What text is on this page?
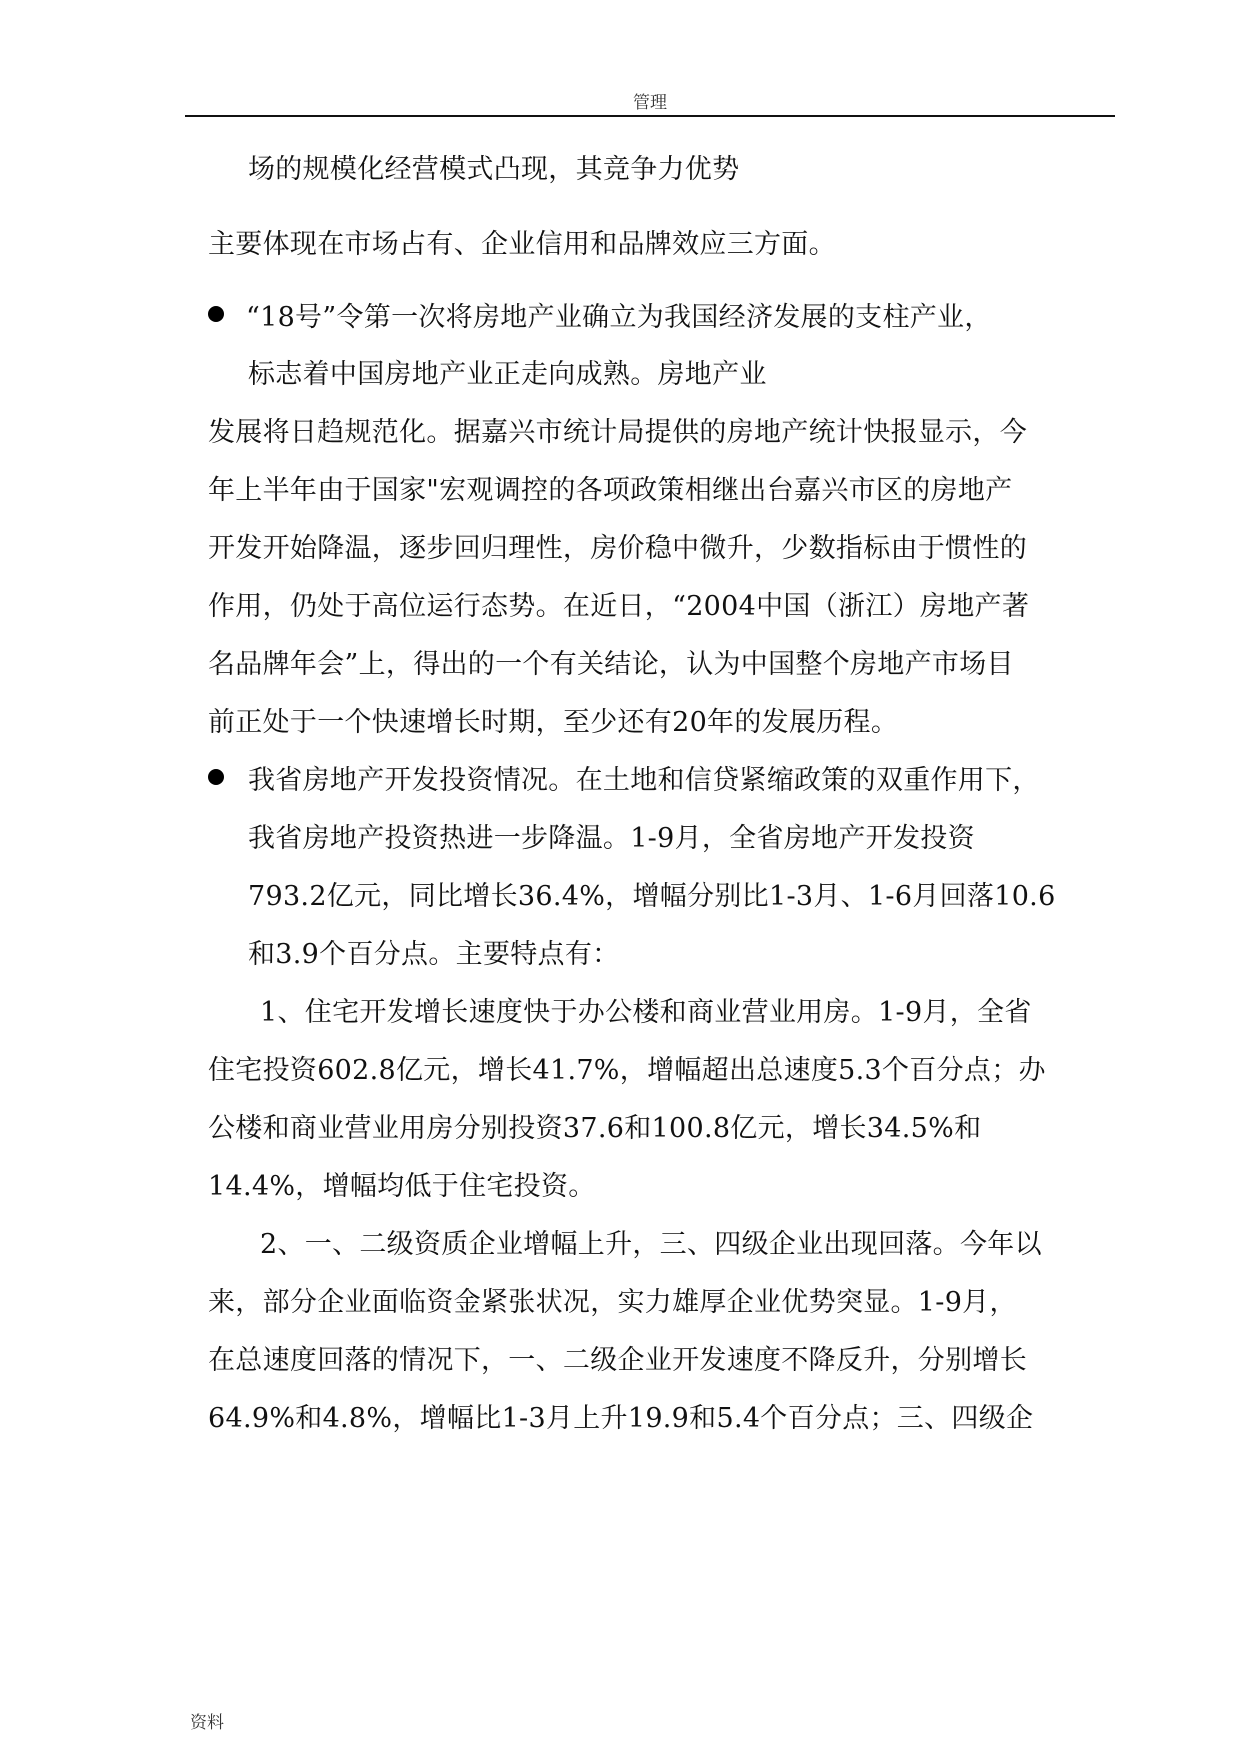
管理
场的规模化经营模式凸现，其竞争力优势
主要体现在市场占有、企业信用和品牌效应三方面。
“18号”令第一次将房地产业确立为我国经济发展的支柱产业，
标志着中国房地产业正走向成熟。房地产业
发展将日趋规范化。据嘉兴市统计局提供的房地产统计快报显示，今
年上半年由于国家"宏观调控的各项政策相继出台嘉兴市区的房地产
开发开始降温，逐步回归理性，房价稳中微升，少数指标由于惯性的
作用，仍处于高位运行态势。在近日，“2004中国（浙江）房地产著
名品牌年会”上，得出的一个有关结论，认为中国整个房地产市场目
前正处于一个快速增长时期，至少还有20年的发展历程。
我省房地产开发投资情况。在土地和信贷紧缩政策的双重作用下，
我省房地产投资热进一步降温。1-9月，全省房地产开发投资
793.2亿元，同比增长36.4%，增幅分别比1-3月、1-6月回落10.6
和3.9个百分点。主要特点有：
1、住宅开发增长速度快于办公楼和商业营业用房。1-9月，全省
住宅投资602.8亿元，增长41.7%，增幅超出总速度5.3个百分点；办
公楼和商业营业用房分别投资37.6和100.8亿元，增长34.5%和
14.4%，增幅均低于住宅投资。
2、一、二级资质企业增幅上升，三、四级企业出现回落。今年以
来，部分企业面临资金紧张状况，实力雄厚企业优势突显。1-9月，
在总速度回落的情况下，一、二级企业开发速度不降反升，分别增长
64.9%和4.8%，增幅比1-3月上升19.9和5.4个百分点；三、四级企
资料
